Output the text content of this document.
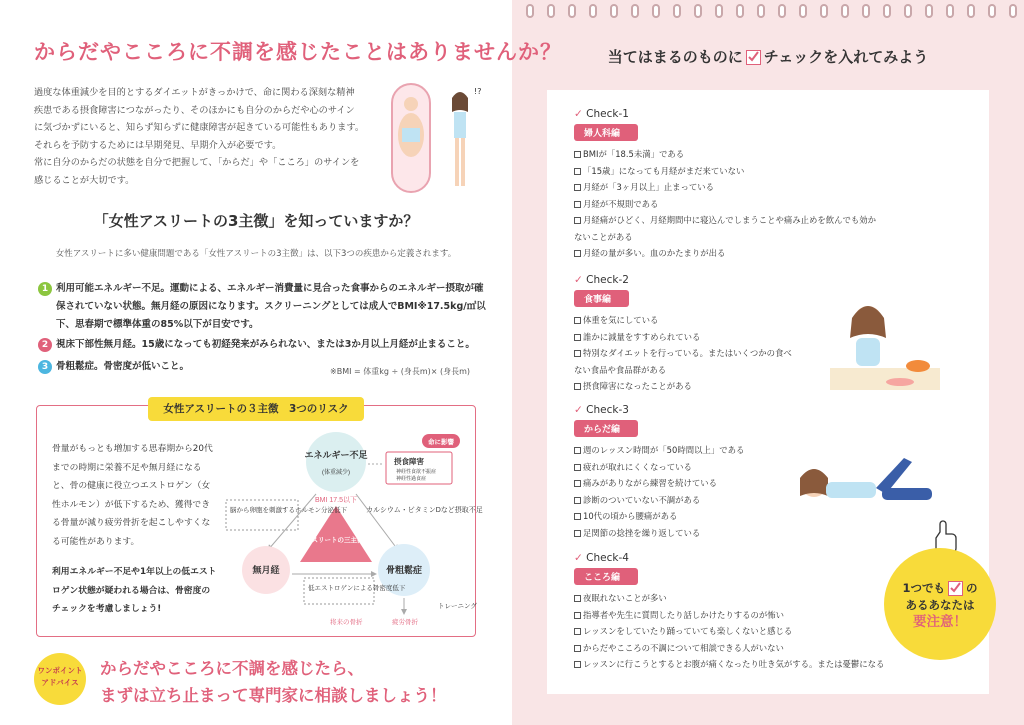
からだやこころに不調を感じたことはありませんか？

過度な体重減少を目的とするダイエットがきっかけで、命に関わる深刻な精神

疾患である摂食障害につながったり、そのほかにも自分のからだや心のサイン

に気づかずにいると、知らず知らずに健康障害が起きている可能性もあります。

それらを予防するためには早期発見、早期介入が必要です。

常に自分のからだの状態を自分で把握して、「からだ」や「こころ」のサインを

感じることが大切です。

!?
「女性アスリートの3主徴」を知っていますか？
女性アスリートに多い健康問題である「女性アスリートの3主徴」は、以下3つの疾患から定義されます。
1 利用可能エネルギー不足。運動による、エネルギー消費量に見合った食事からのエネルギー摂取が確保されていない状態。無月経の原因になります。スクリーニングとしては成人でBMI※17.5kg/㎡以下、思春期で標準体重の85%以下が目安です。
2 視床下部性無月経。15歳になっても初経発来がみられない、または3か月以上月経が止まること。
3 骨粗鬆症。骨密度が低いこと。	※BMI = 体重kg ÷ (身長m)× (身長m)
女性アスリートの３主徴　3つのリスク
骨量がもっとも増加する思春期から20代までの時期に栄養不足や無月経になると、骨の健康に役立つエストロゲン（女性ホルモン）が低下するため、獲得できる骨量が減り疲労骨折を起こしやすくなる可能性があります。
利用エネルギー不足や1年以上の低エストロゲン状態が疑われる場合は、骨密度のチェックを考慮しましょう!
エネルギー不足
(体重減少)
命に影響
摂食障害
神経性食欲不振症
神経性過食症
BMI 17.5以下
女性アスリートの三主徴(FAT)
脳から卵胞を刺激するホルモン分泌低下	カルシウム・ビタミンDなど摂取不足
無月経	骨粗鬆症
低エストロゲンによる骨密度低下
トレーニング
将来の骨折	疲労骨折
ワンポイントアドバイス
からだやこころに不調を感じたら、
まずは立ち止まって専門家に相談しましょう！
当てはまるのものに チェックを入れてみよう
✓ Check-1
婦人科編
BMIが「18.5未満」である
「15歳」になっても月経がまだ来ていない
月経が「3ヶ月以上」止まっている
月経が不規則である
月経痛がひどく、月経期間中に寝込んでしまうことや痛み止めを飲んでも効かないことがある
月経の量が多い。血のかたまりが出る
✓ Check-2
食事編
体重を気にしている
誰かに減量をすすめられている
特別なダイエットを行っている。またはいくつかの食べない食品や食品群がある
摂食障害になったことがある
✓ Check-3
からだ編
週のレッスン時間が「50時間以上」である
疲れが取れにくくなっている
痛みがありながら練習を続けている
診断のついていない不調がある
10代の頃から腰痛がある
足関節の捻挫を繰り返している
✓ Check-4
こころ編
夜眠れないことが多い
指導者や先生に質問したり話しかけたりするのが怖い
レッスンをしていたり踊っていても楽しくないと感じる
からだやこころの不調について相談できる人がいない
レッスンに行こうとするとお腹が痛くなったり吐き気がする。または憂鬱になる
1つでも の
あるあなたは
要注意！
